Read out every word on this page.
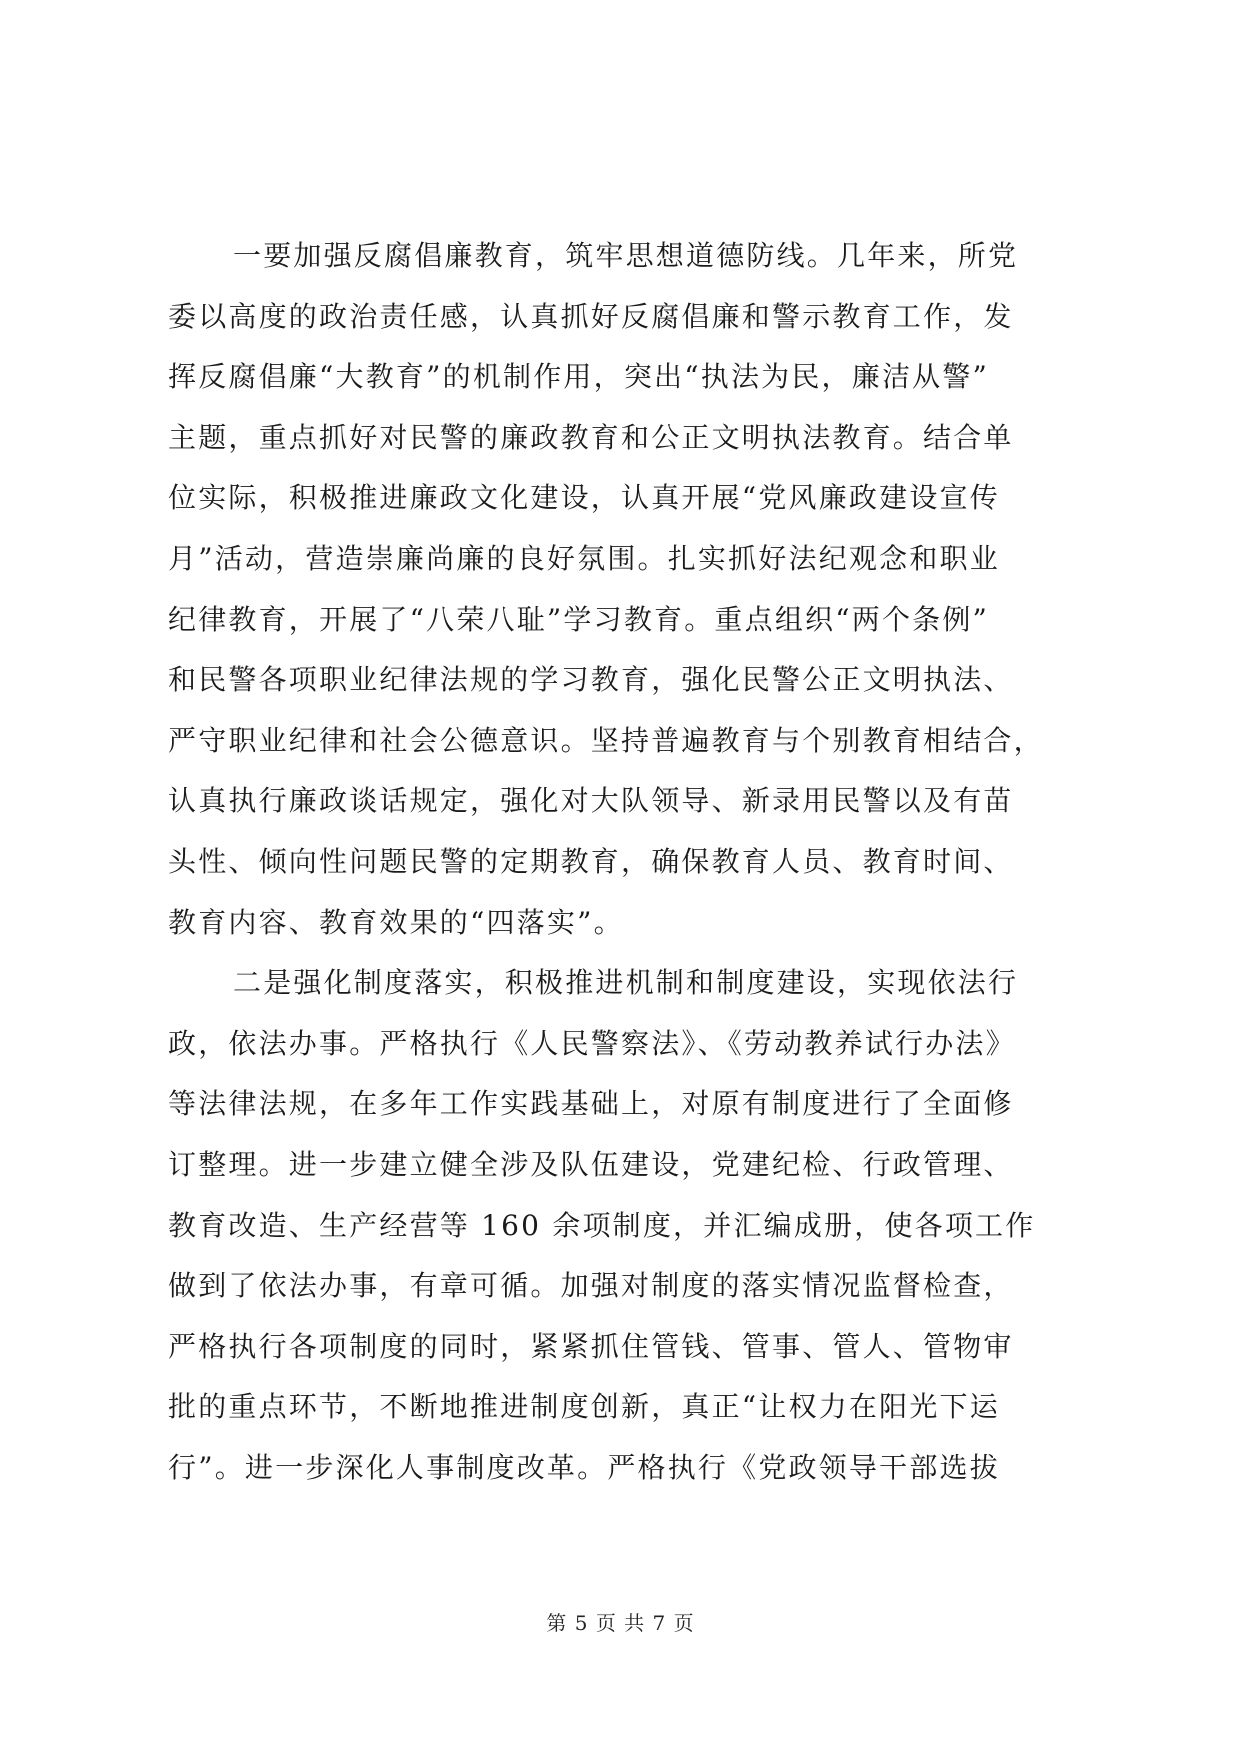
一要加强反腐倡廉教育，筑牢思想道德防线。几年来，所党
委以高度的政治责任感，认真抓好反腐倡廉和警示教育工作，发
挥反腐倡廉“大教育”的机制作用，突出“执法为民，廉洁从警”
主题，重点抓好对民警的廉政教育和公正文明执法教育。结合单
位实际，积极推进廉政文化建设，认真开展“党风廉政建设宣传
月”活动，营造崇廉尚廉的良好氛围。扎实抓好法纪观念和职业
纪律教育，开展了“八荣八耻”学习教育。重点组织“两个条例”
和民警各项职业纪律法规的学习教育，强化民警公正文明执法、
严守职业纪律和社会公德意识。坚持普遍教育与个别教育相结合，
认真执行廉政谈话规定，强化对大队领导、新录用民警以及有苗
头性、倾向性问题民警的定期教育，确保教育人员、教育时间、
教育内容、教育效果的“四落实”。
二是强化制度落实，积极推进机制和制度建设，实现依法行
政，依法办事。严格执行《人民警察法》、《劳动教养试行办法》
等法律法规，在多年工作实践基础上，对原有制度进行了全面修
订整理。进一步建立健全涉及队伍建设，党建纪检、行政管理、
教育改造、生产经营等 160 余项制度，并汇编成册，使各项工作
做到了依法办事，有章可循。加强对制度的落实情况监督检查，
严格执行各项制度的同时，紧紧抓住管钱、管事、管人、管物审
批的重点环节，不断地推进制度创新，真正“让权力在阳光下运
行”。进一步深化人事制度改革。严格执行《党政领导干部选拔
第 5 页 共 7 页
